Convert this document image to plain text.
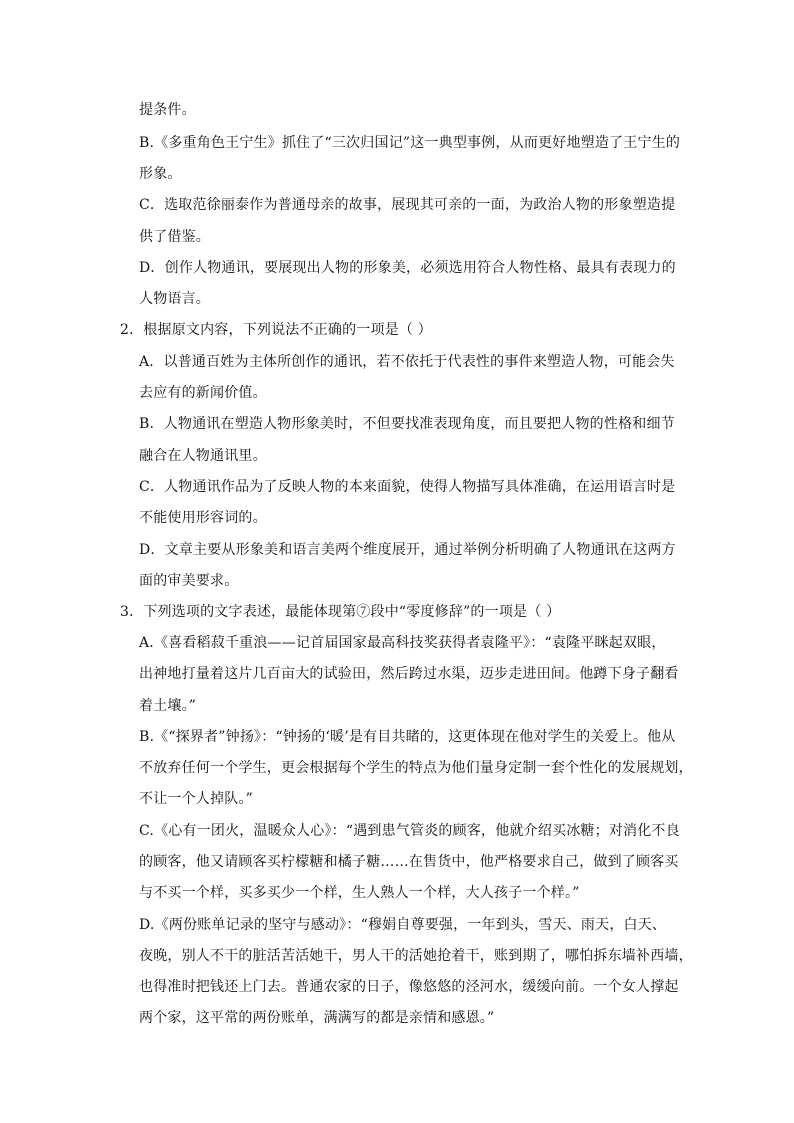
提条件。
B.《多重角色王宁生》抓住了“三次归国记”这一典型事例，从而更好地塑造了王宁生的
形象。
C．选取范徐丽泰作为普通母亲的故事，展现其可亲的一面，为政治人物的形象塑造提
供了借鉴。
D．创作人物通讯，要展现出人物的形象美，必须选用符合人物性格、最具有表现力的
人物语言。
2．根据原文内容，下列说法不正确的一项是（ ）
A．以普通百姓为主体所创作的通讯，若不依托于代表性的事件来塑造人物，可能会失
去应有的新闻价值。
B．人物通讯在塑造人物形象美时，不但要找准表现角度，而且要把人物的性格和细节
融合在人物通讯里。
C．人物通讯作品为了反映人物的本来面貌，使得人物描写具体准确，在运用语言时是
不能使用形容词的。
D．文章主要从形象美和语言美两个维度展开，通过举例分析明确了人物通讯在这两方
面的审美要求。
3．下列选项的文字表述，最能体现第⑦段中“零度修辞”的一项是（ ）
A.《喜看稻菽千重浪——记首届国家最高科技奖获得者袁隆平》：“袁隆平眯起双眼，
出神地打量着这片几百亩大的试验田，然后跨过水渠，迈步走进田间。他蹲下身子翻看
着土壤。”
B.《“探界者”钟扬》：“钟扬的‘暖’是有目共睹的，这更体现在他对学生的关爱上。他从
不放弃任何一个学生，更会根据每个学生的特点为他们量身定制一套个性化的发展规划，
不让一个人掉队。”
C.《心有一团火，温暖众人心》：“遇到患气管炎的顾客，他就介绍买冰糖；对消化不良
的顾客，他又请顾客买柠檬糖和橘子糖……在售货中，他严格要求自己，做到了顾客买
与不买一个样，买多买少一个样，生人熟人一个样，大人孩子一个样。”
D.《两份账单记录的坚守与感动》：“穆娟自尊要强，一年到头，雪天、雨天，白天、
夜晚，别人不干的脏活苦活她干，男人干的活她抢着干，账到期了，哪怕拆东墙补西墙，
也得准时把钱还上门去。普通农家的日子，像悠悠的泾河水，缓缓向前。一个女人撑起
两个家，这平常的两份账单，满满写的都是亲情和感恩。”
